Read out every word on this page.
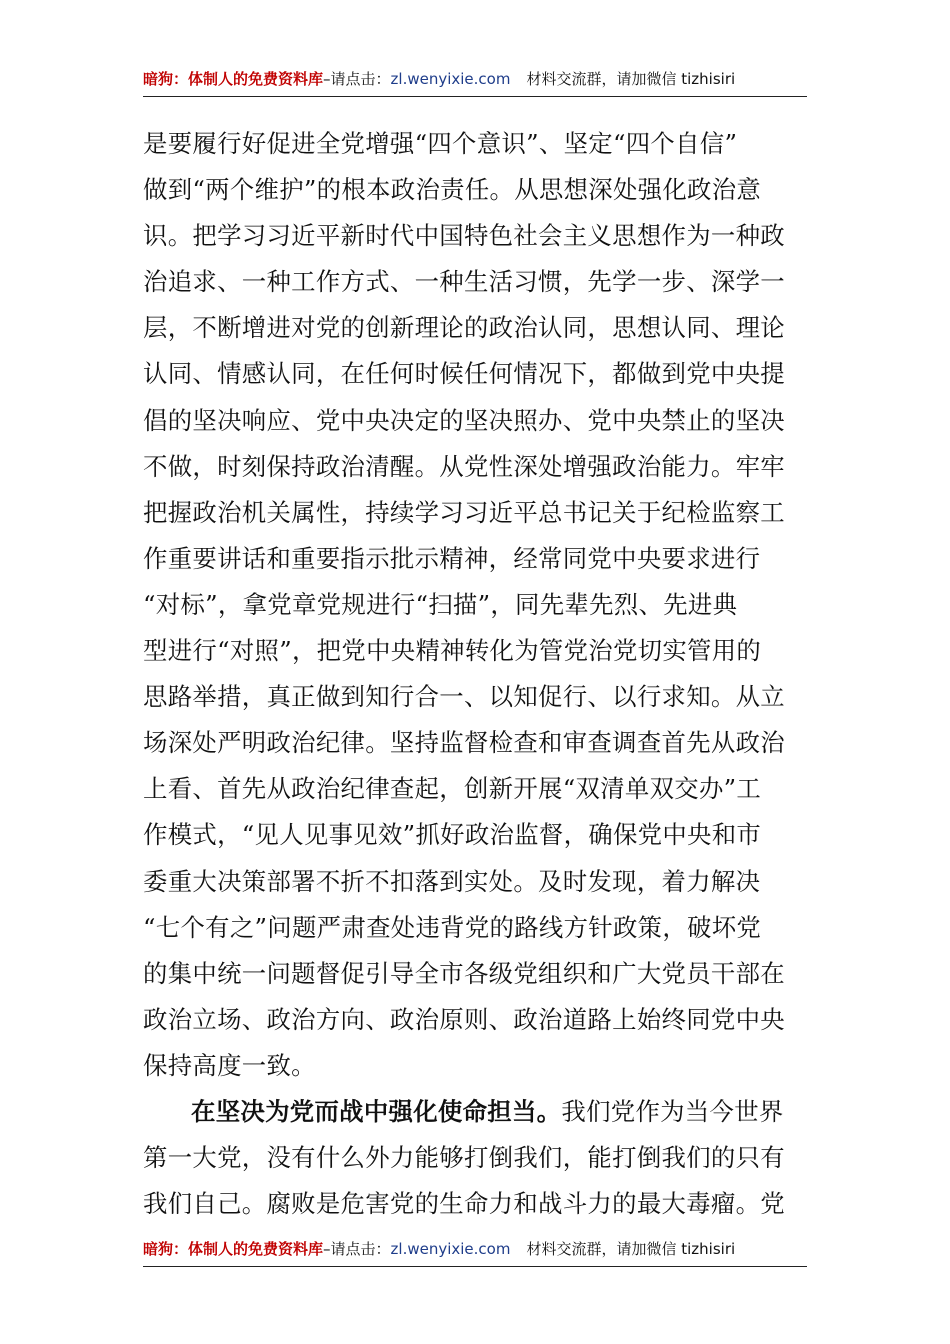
暗狗：体制人的免费资料库–请点击：zl.wenyixie.com 材料交流群，请加微信 tizhisiri

是要履行好促进全党增强“四个意识”、坚定“四个自信”
做到“两个维护”的根本政治责任。从思想深处强化政治意
识。把学习习近平新时代中国特色社会主义思想作为一种政
治追求、一种工作方式、一种生活习惯，先学一步、深学一
层，不断增进对党的创新理论的政治认同，思想认同、理论
认同、情感认同，在任何时候任何情况下，都做到党中央提
倡的坚决响应、党中央决定的坚决照办、党中央禁止的坚决
不做，时刻保持政治清醒。从党性深处增强政治能力。牢牢
把握政治机关属性，持续学习习近平总书记关于纪检监察工
作重要讲话和重要指示批示精神，经常同党中央要求进行
“对标”，拿党章党规进行“扫描”，同先辈先烈、先进典
型进行“对照”，把党中央精神转化为管党治党切实管用的
思路举措，真正做到知行合一、以知促行、以行求知。从立
场深处严明政治纪律。坚持监督检查和审查调查首先从政治
上看、首先从政治纪律查起，创新开展“双清单双交办”工
作模式，“见人见事见效”抓好政治监督，确保党中央和市
委重大决策部署不折不扣落到实处。及时发现，着力解决
“七个有之”问题严肃查处违背党的路线方针政策，破坏党
的集中统一问题督促引导全市各级党组织和广大党员干部在
政治立场、政治方向、政治原则、政治道路上始终同党中央
保持高度一致。

在坚决为党而战中强化使命担当。我们党作为当今世界
第一大党，没有什么外力能够打倒我们，能打倒我们的只有
我们自己。腐败是危害党的生命力和战斗力的最大毒瘤。党

暗狗：体制人的免费资料库–请点击：zl.wenyixie.com 材料交流群，请加微信 tizhisiri
